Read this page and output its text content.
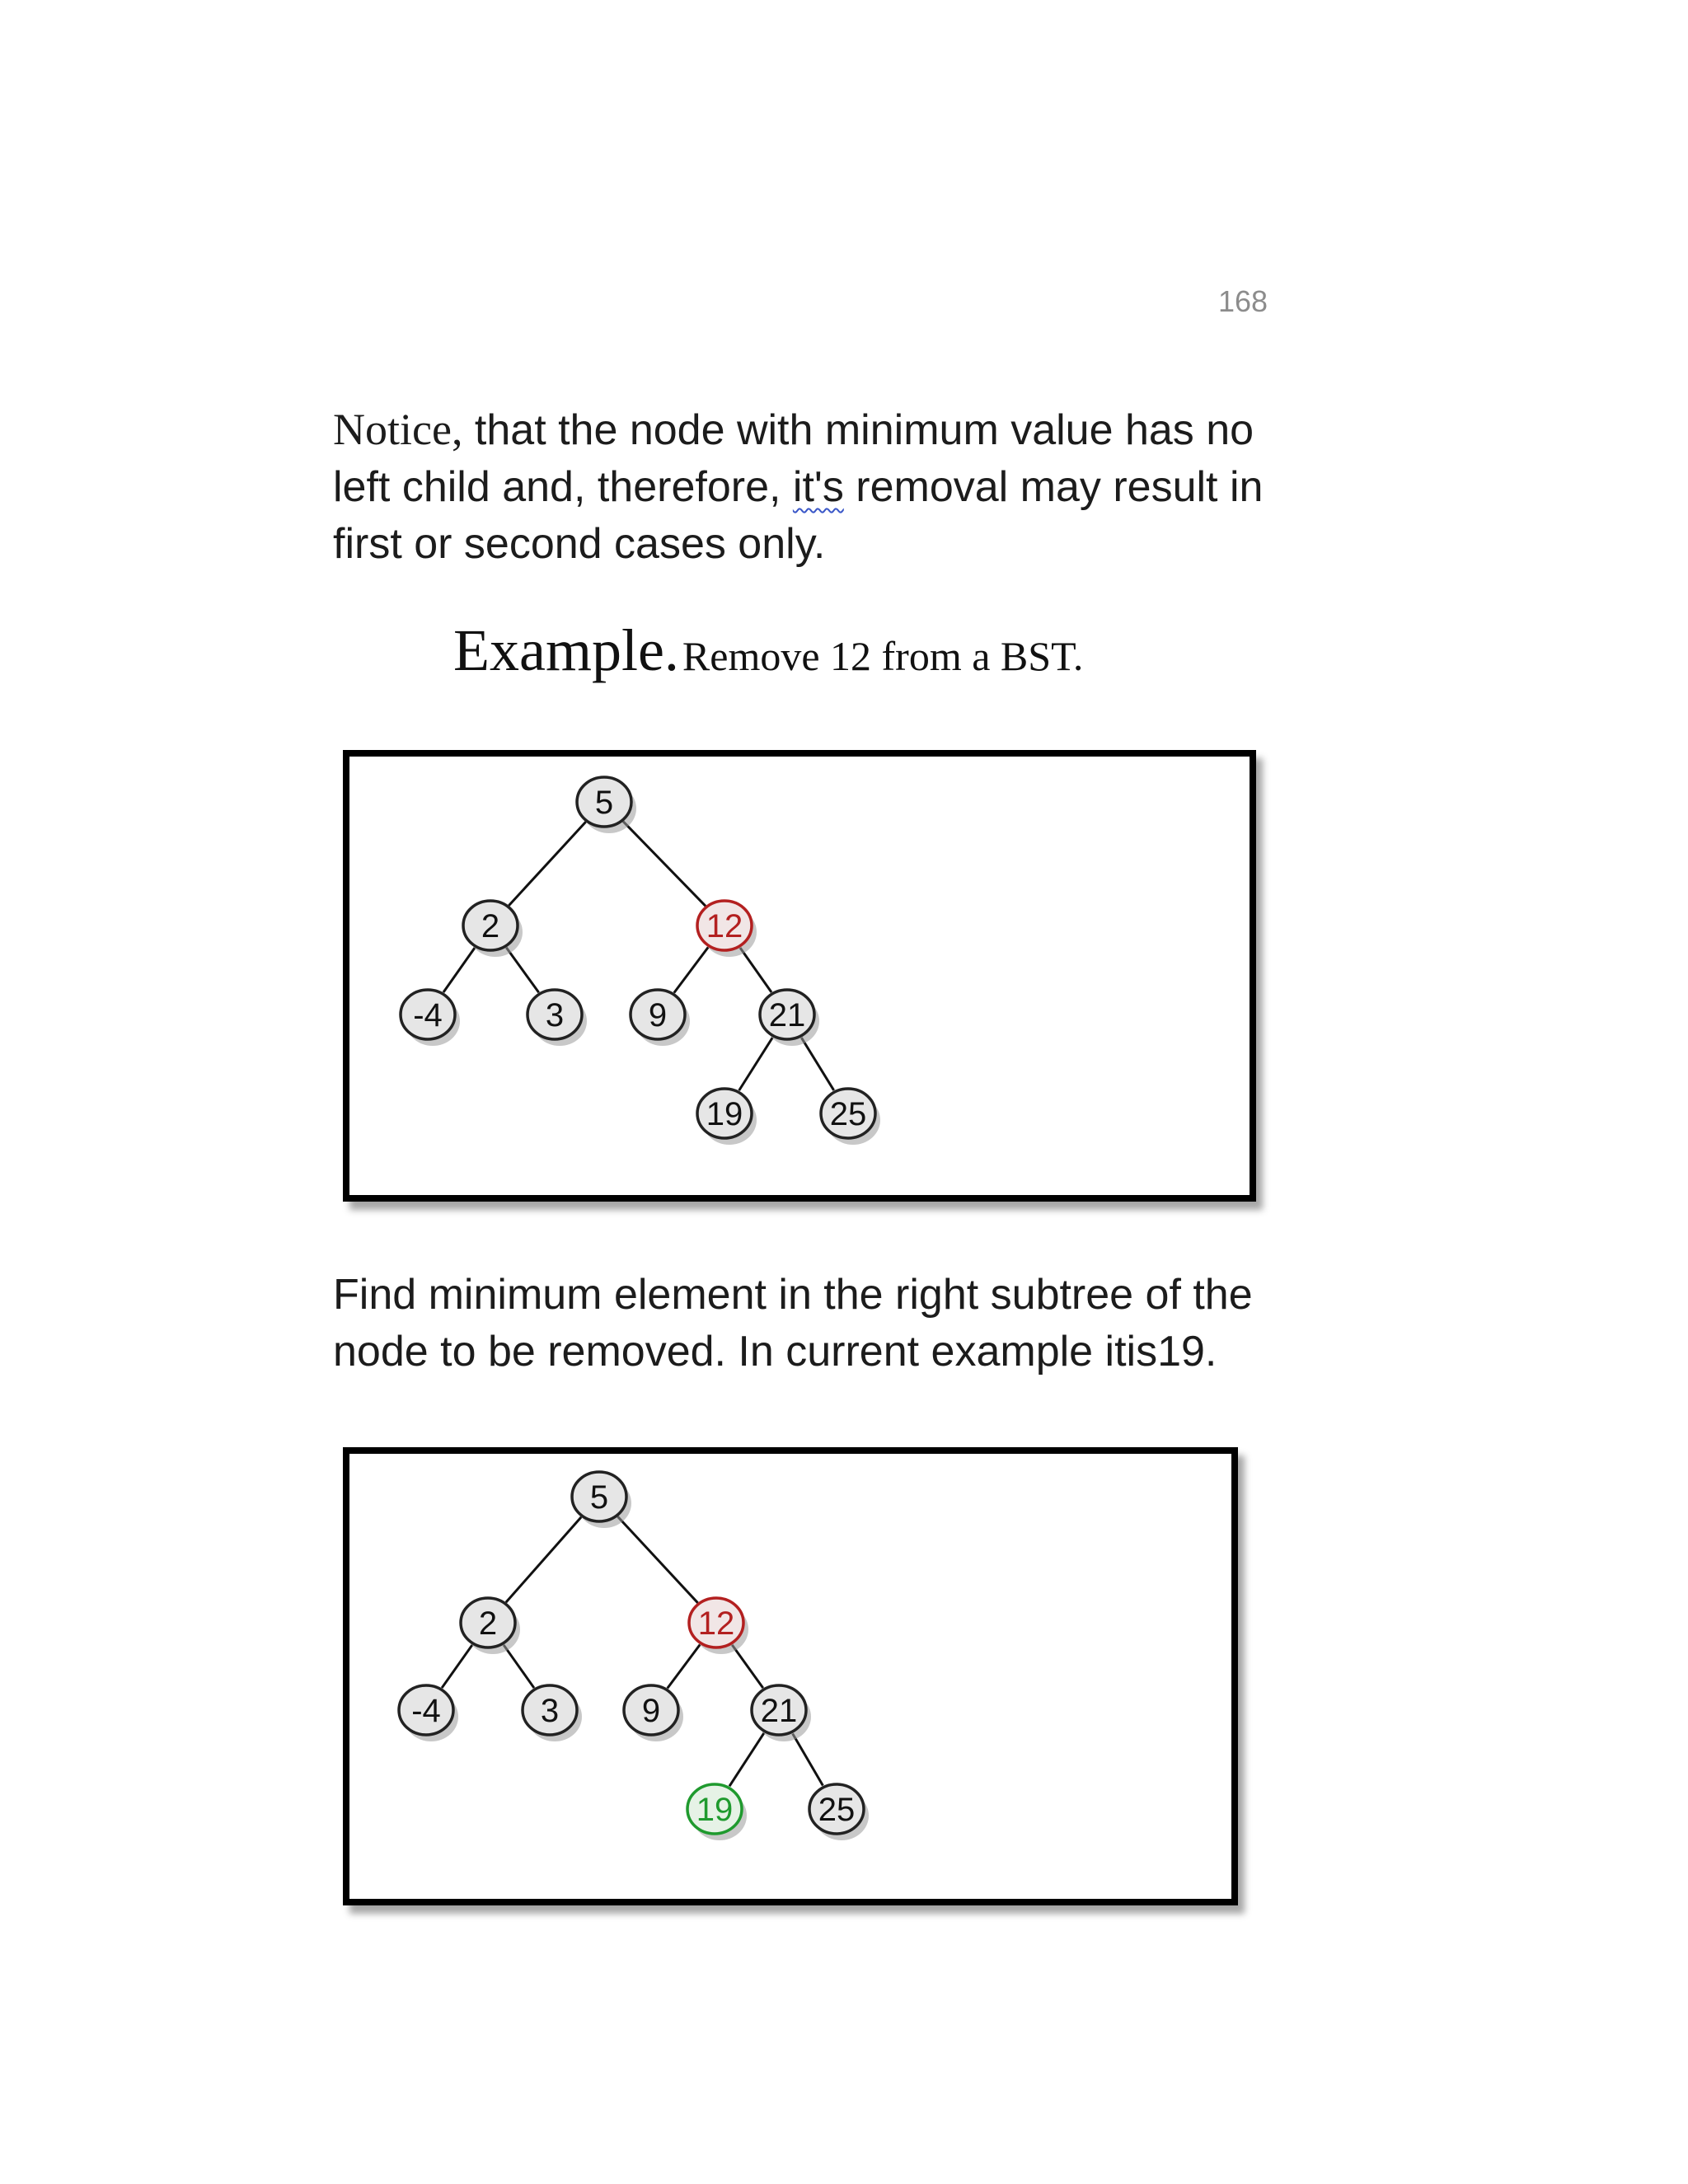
168

Notice, that the node with minimum value has no left child and, therefore, it's removal may result in first or second cases only.

Example. Remove 12 from a BST.
5
2	12
-4	3	9	21
19	25

Find minimum element in the right subtree of the node to be removed. In current example itis19.

5
2	12
-4	3	9	21
19	25
